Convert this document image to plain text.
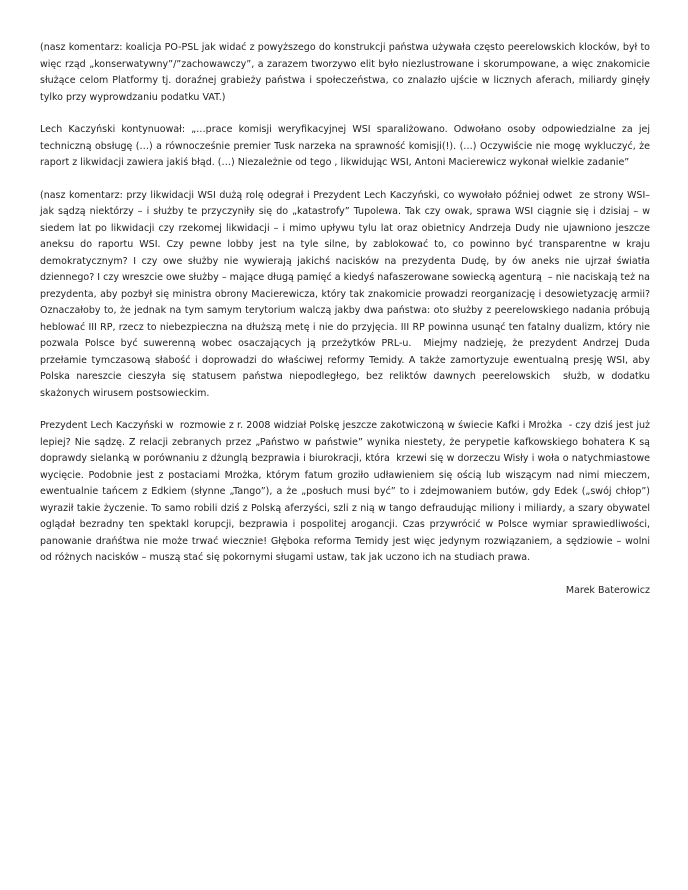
(nasz komentarz: koalicja PO-PSL jak widać z powyższego do konstrukcji państwa używała często peerelowskich klocków, był to więc rząd „konserwatywny”/”zachowawczy”, a zarazem tworzywo elit było niezlustrowane i skorumpowane, a więc znakomicie służące celom Platformy tj. doraźnej grabieży państwa i społeczeństwa, co znalazło ujście w licznych aferach, miliardy ginęły tylko przy wyprowdzaniu podatku VAT.)

Lech Kaczyński kontynuował: „…prace komisji weryfikacyjnej WSI sparaliżowano. Odwołano osoby odpowiedzialne za jej techniczną obsługę (…) a równocześnie premier Tusk narzeka na sprawność komisji(!). (…) Oczywiście nie mogę wykluczyć, że raport z likwidacji zawiera jakiś błąd. (…) Niezależnie od tego , likwidując WSI, Antoni Macierewicz wykonał wielkie zadanie”

(nasz komentarz: przy likwidacji WSI dużą rolę odegrał i Prezydent Lech Kaczyński, co wywołało później odwet  ze strony WSI– jak sądzą niektórzy – i służby te przyczyniły się do „katastrofy” Tupolewa. Tak czy owak, sprawa WSI ciągnie się i dzisiaj – w siedem lat po likwidacji czy rzekomej likwidacji – i mimo upływu tylu lat oraz obietnicy Andrzeja Dudy nie ujawniono jeszcze aneksu do raportu WSI. Czy pewne lobby jest na tyle silne, by zablokować to, co powinno być transparentne w kraju demokratycznym? I czy owe służby nie wywierają jakichś nacisków na prezydenta Dudę, by ów aneks nie ujrzał światła dziennego? I czy wreszcie owe służby – mające długą pamięć a kiedyś nafaszerowane sowiecką agenturą  – nie naciskają też na prezydenta, aby pozbył się ministra obrony Macierewicza, który tak znakomicie prowadzi reorganizację i desowietyzację armii? Oznaczałoby to, że jednak na tym samym terytorium walczą jakby dwa państwa: oto służby z peerelowskiego nadania próbują heblować III RP, rzecz to niebezpieczna na dłuższą metę i nie do przyjęcia. III RP powinna usunąć ten fatalny dualizm, który nie pozwala Polsce być suwerenną wobec osaczających ją przeżytków PRL-u.  Miejmy nadzieję, że prezydent Andrzej Duda przełamie tymczasową słabość i doprowadzi do właściwej reformy Temidy. A także zamortyzuje ewentualną presję WSI, aby Polska nareszcie cieszyła się statusem państwa niepodległego, bez reliktów dawnych peerelowskich  służb, w dodatku  skażonych wirusem postsowieckim.

Prezydent Lech Kaczyński w  rozmowie z r. 2008 widział Polskę jeszcze zakotwiczoną w świecie Kafki i Mrożka  - czy dziś jest już lepiej? Nie sądzę. Z relacji zebranych przez „Państwo w państwie” wynika niestety, że perypetie kafkowskiego bohatera K są doprawdy sielanką w porównaniu z dżunglą bezprawia i biurokracji, która  krzewi się w dorzeczu Wisły i woła o natychmiastowe wycięcie. Podobnie jest z postaciami Mrożka, którym fatum groziło udławieniem się ością lub wiszącym nad nimi mieczem, ewentualnie tańcem z Edkiem (słynne „Tango”), a że „posłuch musi być” to i zdejmowaniem butów, gdy Edek („swój chłop”) wyraził takie życzenie. To samo robili dziś z Polską aferzyści, szli z nią w tango defraudując miliony i miliardy, a szary obywatel oglądał bezradny ten spektakl korupcji, bezprawia i pospolitej arogancji. Czas przywrócić w Polsce wymiar sprawiedliwości, panowanie drańśtwa nie może trwać wiecznie! Głęboka reforma Temidy jest więc jedynym rozwiązaniem, a sędziowie – wolni od różnych nacisków – muszą stać się pokornymi sługami ustaw, tak jak uczono ich na studiach prawa.

Marek Baterowicz
